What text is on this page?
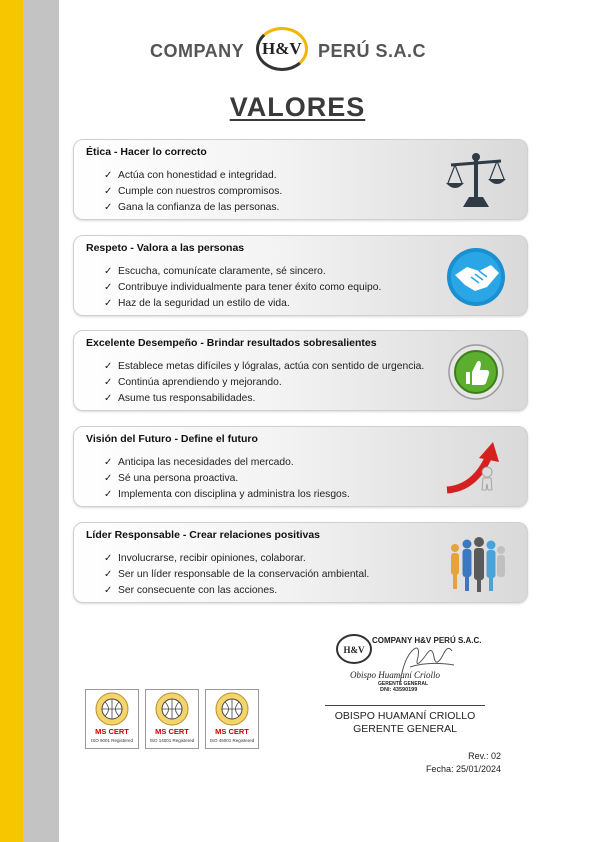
COMPANY H&V PERÚ S.A.C
VALORES
Ética - Hacer lo correcto
✓ Actúa con honestidad e integridad.
✓ Cumple con nuestros compromisos.
✓ Gana la confianza de las personas.
Respeto - Valora a las personas
✓ Escucha, comunícate claramente, sé sincero.
✓ Contribuye individualmente para tener éxito como equipo.
✓ Haz de la seguridad un estilo de vida.
Excelente Desempeño - Brindar resultados sobresalientes
✓ Establece metas difíciles y lógralas, actúa con sentido de urgencia.
✓ Continúa aprendiendo y mejorando.
✓ Asume tus responsabilidades.
Visión del Futuro - Define el futuro
✓ Anticipa las necesidades del mercado.
✓ Sé una persona proactiva.
✓ Implementa con disciplina y administra los riesgos.
Líder Responsable - Crear relaciones positivas
✓ Involucrarse, recibir opiniones, colaborar.
✓ Ser un líder responsable de la conservación ambiental.
✓ Ser consecuente con las acciones.
H&V
COMPANY H&V PERÚ S.A.C.
Obispo Huamaní Criollo
GERENTE GENERAL
DNI: 43590199
OBISPO HUAMANÍ CRIOLLO
GERENTE GENERAL
MS CERT
ISO 9001 Registered
MS CERT
ISO 14001 Registered
MS CERT
ISO 45001 Registered
Rev.: 02
Fecha: 25/01/2024
